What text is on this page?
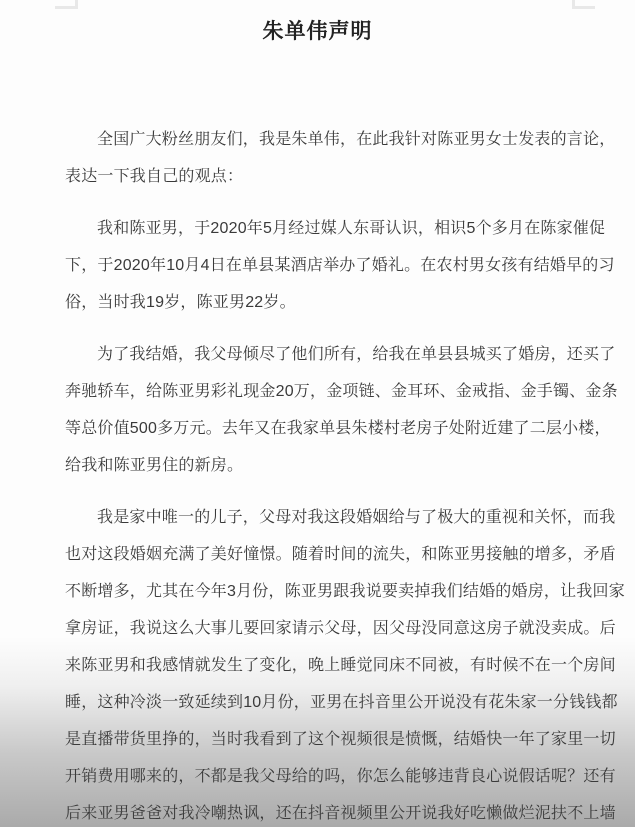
朱单伟声明
全国广大粉丝朋友们，我是朱单伟，在此我针对陈亚男女士发表的言论，
表达一下我自己的观点：
我和陈亚男，于2020年5月经过媒人东哥认识，相识5个多月在陈家催促
下，于2020年10月4日在单县某酒店举办了婚礼。在农村男女孩有结婚早的习
俗，当时我19岁，陈亚男22岁。
为了我结婚，我父母倾尽了他们所有，给我在单县县城买了婚房，还买了
奔驰轿车，给陈亚男彩礼现金20万，金项链、金耳环、金戒指、金手镯、金条
等总价值500多万元。去年又在我家单县朱楼村老房子处附近建了二层小楼，
给我和陈亚男住的新房。
我是家中唯一的儿子，父母对我这段婚姻给与了极大的重视和关怀，而我
也对这段婚姻充满了美好憧憬。随着时间的流失，和陈亚男接触的增多，矛盾
不断增多，尤其在今年3月份，陈亚男跟我说要卖掉我们结婚的婚房，让我回家
拿房证，我说这么大事儿要回家请示父母，因父母没同意这房子就没卖成。后
来陈亚男和我感情就发生了变化，晚上睡觉同床不同被，有时候不在一个房间
睡，这种冷淡一致延续到10月份，亚男在抖音里公开说没有花朱家一分钱钱都
是直播带货里挣的，当时我看到了这个视频很是愤慨，结婚快一年了家里一切
开销费用哪来的，不都是我父母给的吗，你怎么能够违背良心说假话呢？还有
后来亚男爸爸对我冷嘲热讽，还在抖音视频里公开说我好吃懒做烂泥扶不上墙
